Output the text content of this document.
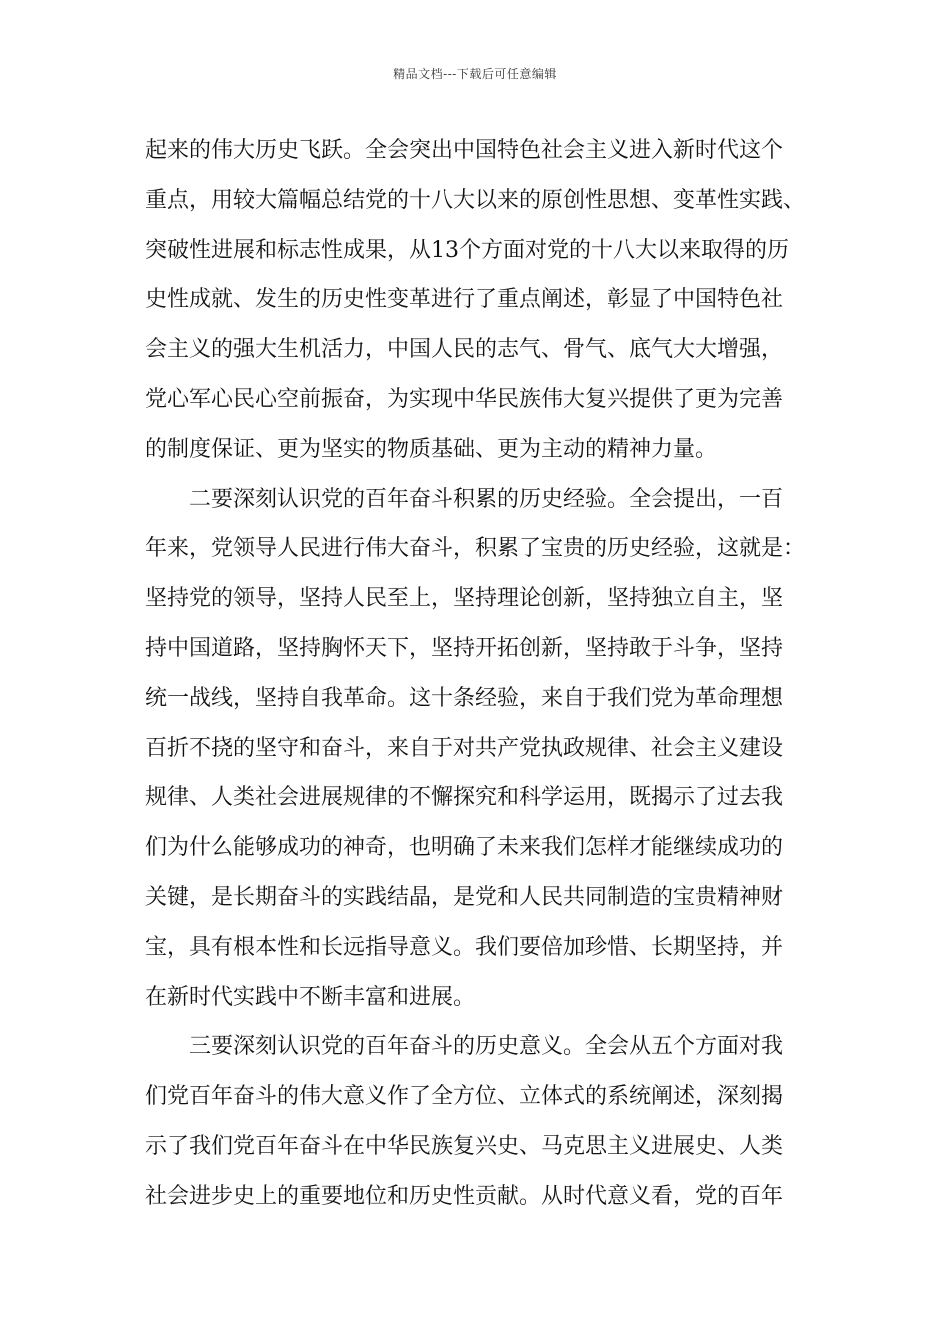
精品文档---下载后可任意编辑
起来的伟大历史飞跃。全会突出中国特色社会主义进入新时代这个
重点，用较大篇幅总结党的十八大以来的原创性思想、变革性实践、
突破性进展和标志性成果，从13个方面对党的十八大以来取得的历
史性成就、发生的历史性变革进行了重点阐述，彰显了中国特色社
会主义的强大生机活力，中国人民的志气、骨气、底气大大增强，
党心军心民心空前振奋，为实现中华民族伟大复兴提供了更为完善
的制度保证、更为坚实的物质基础、更为主动的精神力量。
二要深刻认识党的百年奋斗积累的历史经验。全会提出，一百
年来，党领导人民进行伟大奋斗，积累了宝贵的历史经验，这就是：
坚持党的领导，坚持人民至上，坚持理论创新，坚持独立自主，坚
持中国道路，坚持胸怀天下，坚持开拓创新，坚持敢于斗争，坚持
统一战线，坚持自我革命。这十条经验，来自于我们党为革命理想
百折不挠的坚守和奋斗，来自于对共产党执政规律、社会主义建设
规律、人类社会进展规律的不懈探究和科学运用，既揭示了过去我
们为什么能够成功的神奇，也明确了未来我们怎样才能继续成功的
关键，是长期奋斗的实践结晶，是党和人民共同制造的宝贵精神财
宝，具有根本性和长远指导意义。我们要倍加珍惜、长期坚持，并
在新时代实践中不断丰富和进展。
三要深刻认识党的百年奋斗的历史意义。全会从五个方面对我
们党百年奋斗的伟大意义作了全方位、立体式的系统阐述，深刻揭
示了我们党百年奋斗在中华民族复兴史、马克思主义进展史、人类
社会进步史上的重要地位和历史性贡献。从时代意义看，党的百年
